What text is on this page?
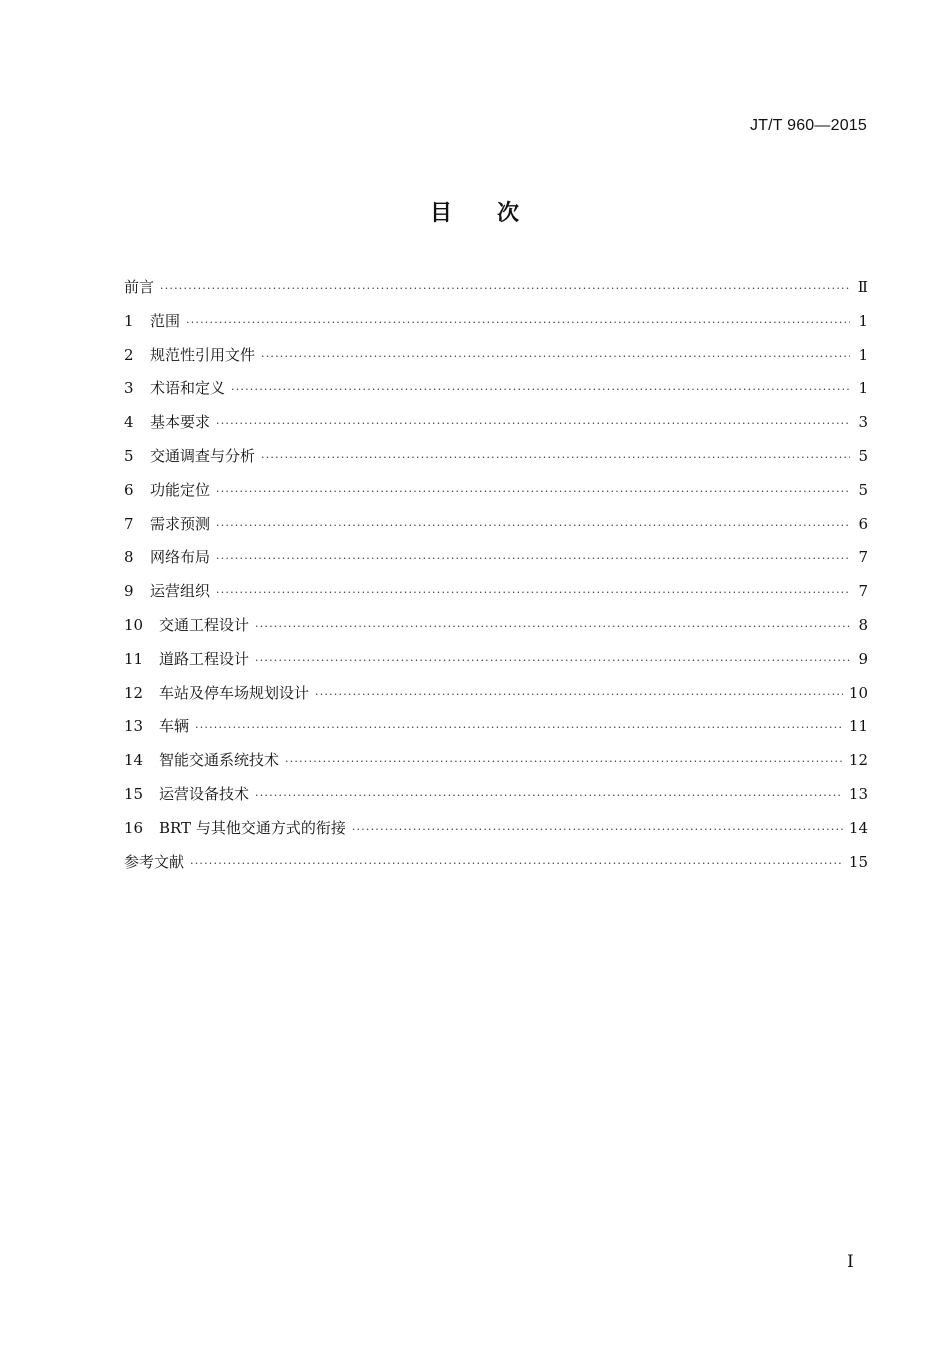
JT/T 960—2015
目 次
前言 ·····	Ⅱ
1	范围 ·····	1
2	规范性引用文件 ·····	1
3	术语和定义 ·····	1
4	基本要求 ·····	3
5	交通调查与分析 ·····	5
6	功能定位 ·····	5
7	需求预测 ·····	6
8	网络布局 ·····	7
9	运营组织 ·····	7
10	交通工程设计 ·····	8
11	道路工程设计 ·····	9
12	车站及停车场规划设计 ·····	10
13	车辆 ·····	11
14	智能交通系统技术 ·····	12
15	运营设备技术 ·····	13
16	BRT 与其他交通方式的衔接 ·····	14
参考文献 ·····	15
I
